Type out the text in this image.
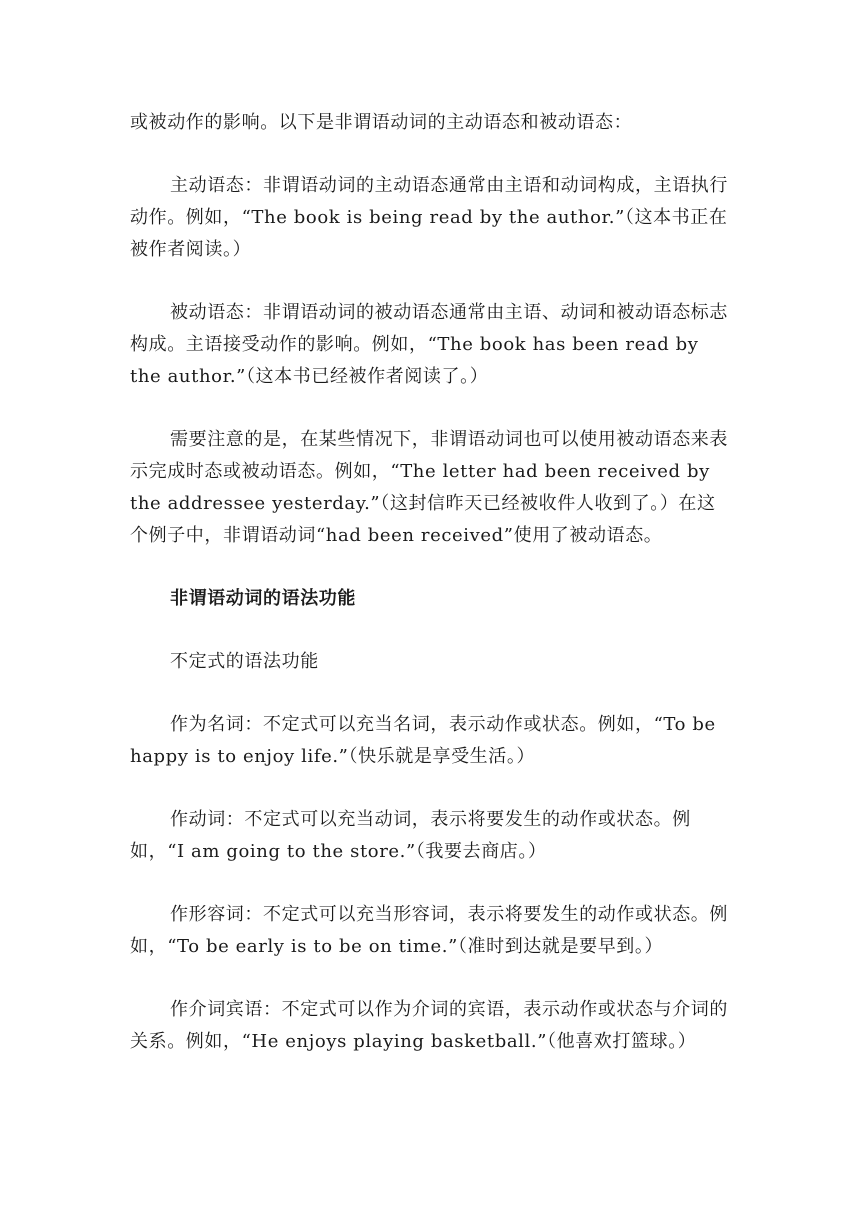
或被动作的影响。以下是非谓语动词的主动语态和被动语态：

主动语态：非谓语动词的主动语态通常由主语和动词构成，主语执行动作。例如，“The book is being read by the author.”（这本书正在被作者阅读。）

被动语态：非谓语动词的被动语态通常由主语、动词和被动语态标志构成。主语接受动作的影响。例如，“The book has been read by the author.”（这本书已经被作者阅读了。）

需要注意的是，在某些情况下，非谓语动词也可以使用被动语态来表示完成时态或被动语态。例如，“The letter had been received by the addressee yesterday.”（这封信昨天已经被收件人收到了。）在这个例子中，非谓语动词“had been received”使用了被动语态。

非谓语动词的语法功能

不定式的语法功能

作为名词：不定式可以充当名词，表示动作或状态。例如，“To be happy is to enjoy life.”（快乐就是享受生活。）

作动词：不定式可以充当动词，表示将要发生的动作或状态。例如，“I am going to the store.”（我要去商店。）

作形容词：不定式可以充当形容词，表示将要发生的动作或状态。例如，“To be early is to be on time.”（准时到达就是要早到。）

作介词宾语：不定式可以作为介词的宾语，表示动作或状态与介词的关系。例如，“He enjoys playing basketball.”（他喜欢打篮球。）
